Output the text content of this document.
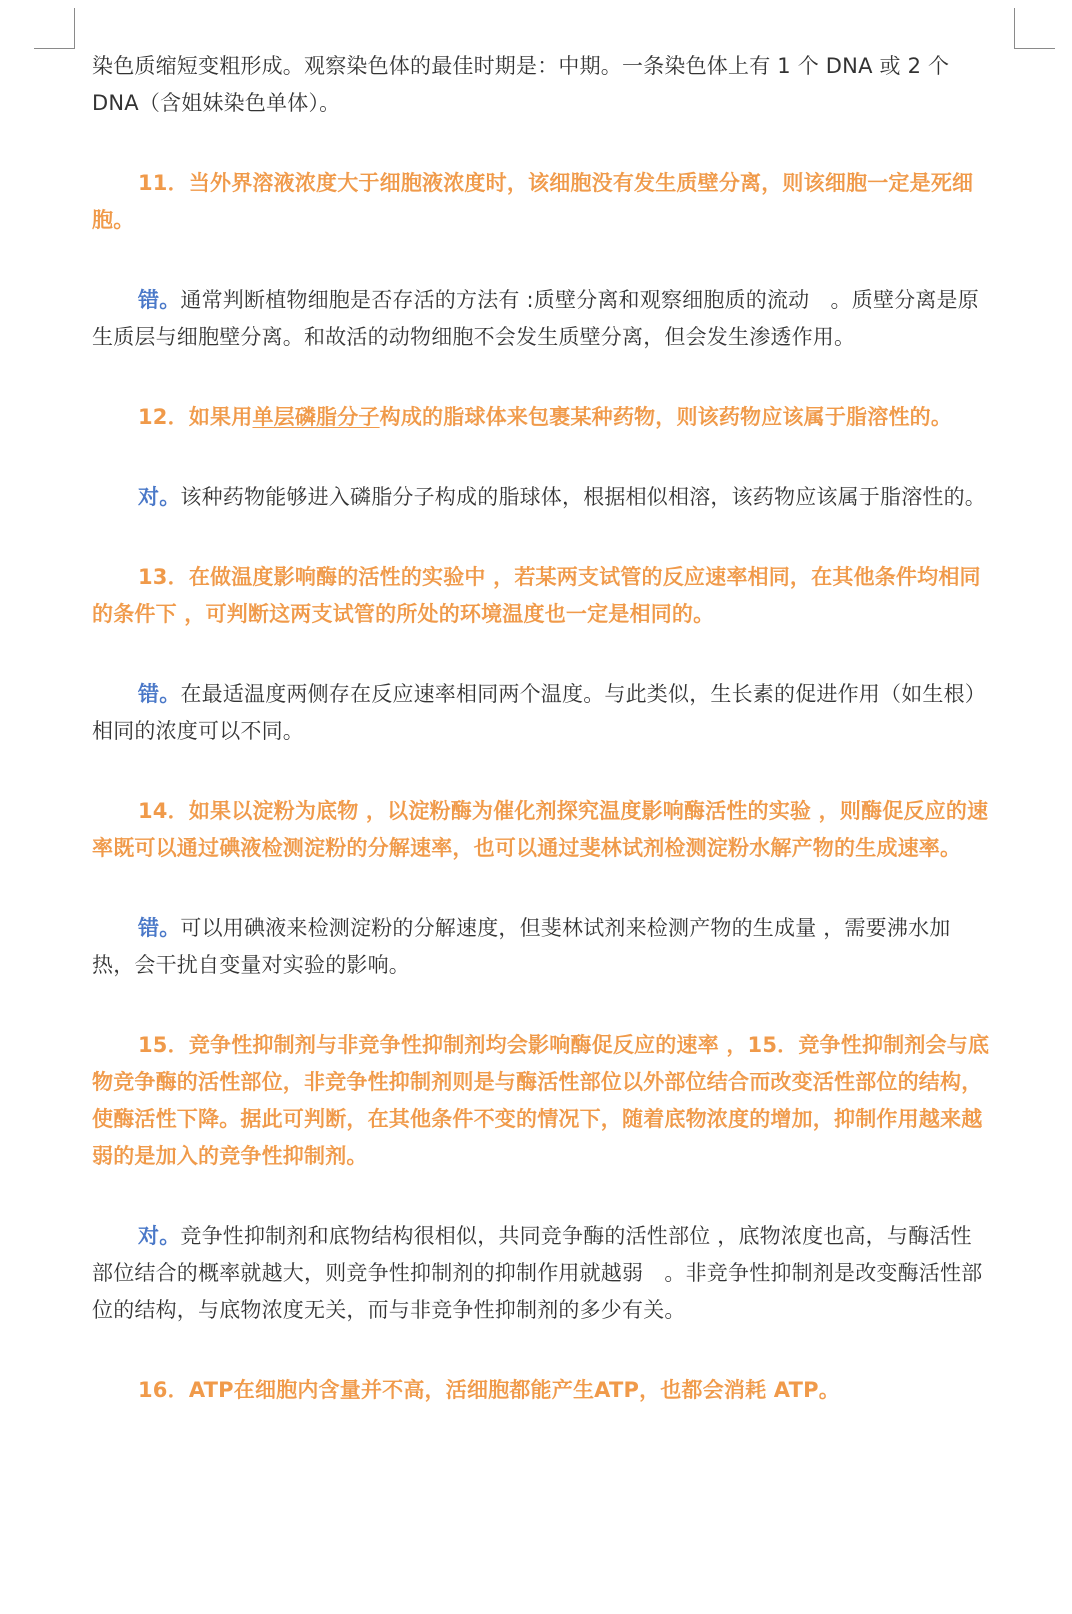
染色质缩短变粗形成。观察染色体的最佳时期是：中期。一条染色体上有 1 个 DNA 或 2 个 DNA（含姐妹染色单体）。

11．当外界溶液浓度大于细胞液浓度时，该细胞没有发生质壁分离，则该细胞一定是死细胞。

错。通常判断植物细胞是否存活的方法有 :质壁分离和观察细胞质的流动　。质壁分离是原生质层与细胞壁分离。和故活的动物细胞不会发生质壁分离，但会发生渗透作用。

12．如果用单层磷脂分子构成的脂球体来包裹某种药物，则该药物应该属于脂溶性的。

对。该种药物能够进入磷脂分子构成的脂球体，根据相似相溶，该药物应该属于脂溶性的。

13．在做温度影响酶的活性的实验中 ，若某两支试管的反应速率相同，在其他条件均相同的条件下 ，可判断这两支试管的所处的环境温度也一定是相同的。

错。在最适温度两侧存在反应速率相同两个温度。与此类似，生长素的促进作用（如生根）相同的浓度可以不同。

14．如果以淀粉为底物 ，以淀粉酶为催化剂探究温度影响酶活性的实验 ，则酶促反应的速率既可以通过碘液检测淀粉的分解速率，也可以通过斐林试剂检测淀粉水解产物的生成速率。

错。可以用碘液来检测淀粉的分解速度，但斐林试剂来检测产物的生成量 ，需要沸水加热，会干扰自变量对实验的影响。

15．竞争性抑制剂与非竞争性抑制剂均会影响酶促反应的速率 ，15．竞争性抑制剂会与底物竞争酶的活性部位，非竞争性抑制剂则是与酶活性部位以外部位结合而改变活性部位的结构，使酶活性下降。据此可判断，在其他条件不变的情况下，随着底物浓度的增加，抑制作用越来越弱的是加入的竞争性抑制剂。

对。竞争性抑制剂和底物结构很相似，共同竞争酶的活性部位 ，底物浓度也高，与酶活性部位结合的概率就越大，则竞争性抑制剂的抑制作用就越弱　。非竞争性抑制剂是改变酶活性部位的结构，与底物浓度无关，而与非竞争性抑制剂的多少有关。

16．ATP在细胞内含量并不高，活细胞都能产生ATP，也都会消耗 ATP。
